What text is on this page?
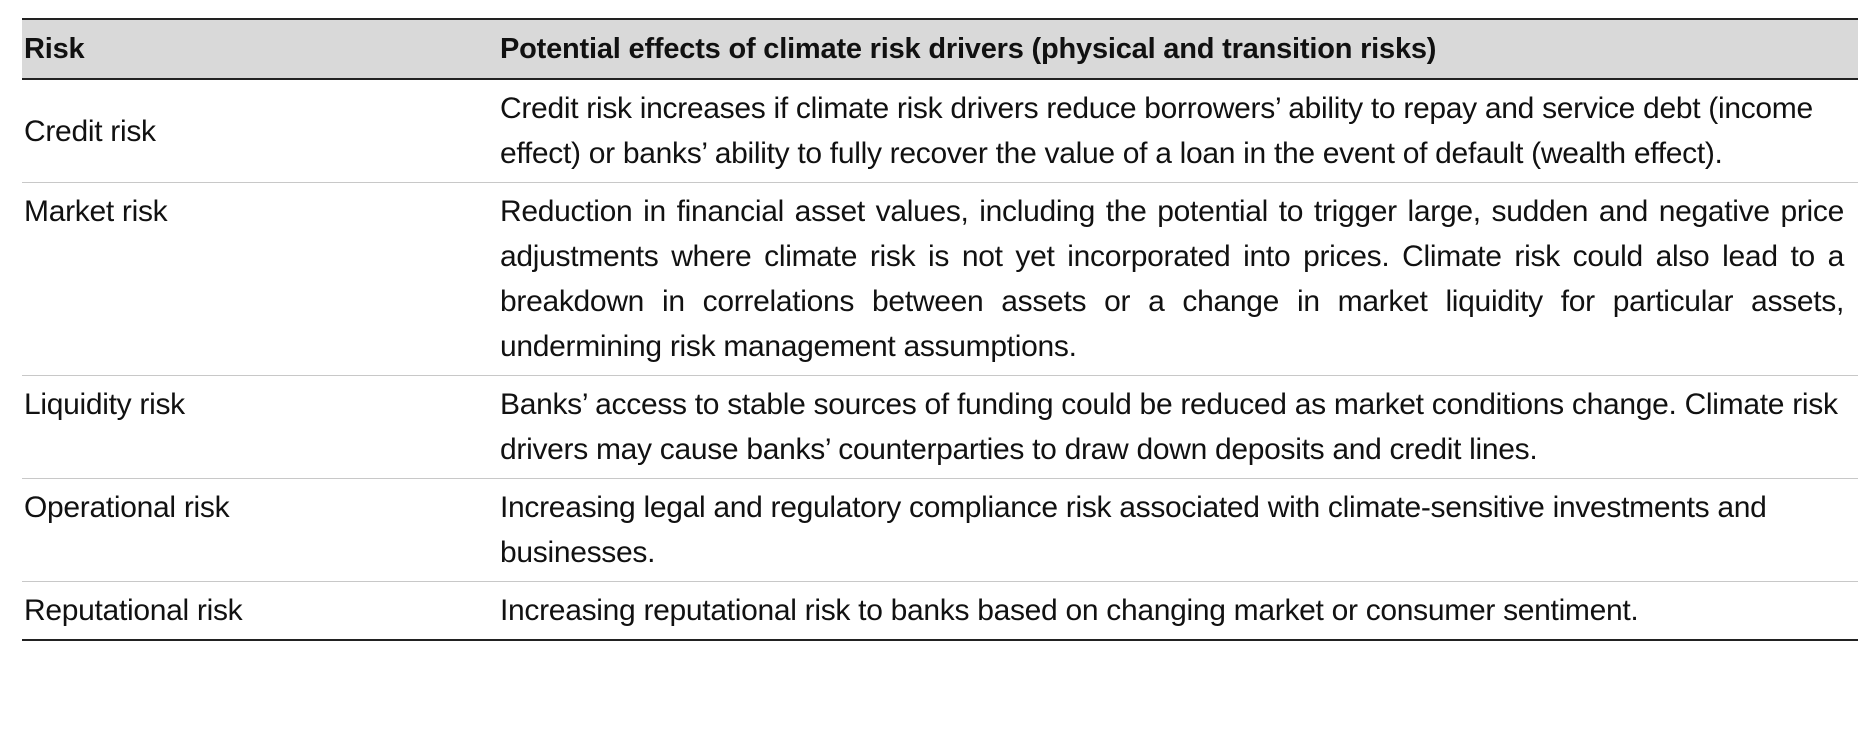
Risk	Potential effects of climate risk drivers (physical and transition risks)
Credit risk	Credit risk increases if climate risk drivers reduce borrowers’ ability to repay and service debt (income effect) or banks’ ability to fully recover the value of a loan in the event of default (wealth effect).
Market risk	Reduction in financial asset values, including the potential to trigger large, sudden and negative price adjustments where climate risk is not yet incorporated into prices. Climate risk could also lead to a breakdown in correlations between assets or a change in market liquidity for particular assets, undermining risk management assumptions.
Liquidity risk	Banks’ access to stable sources of funding could be reduced as market conditions change. Climate risk drivers may cause banks’ counterparties to draw down deposits and credit lines.
Operational risk	Increasing legal and regulatory compliance risk associated with climate-sensitive investments and businesses.
Reputational risk	Increasing reputational risk to banks based on changing market or consumer sentiment.
